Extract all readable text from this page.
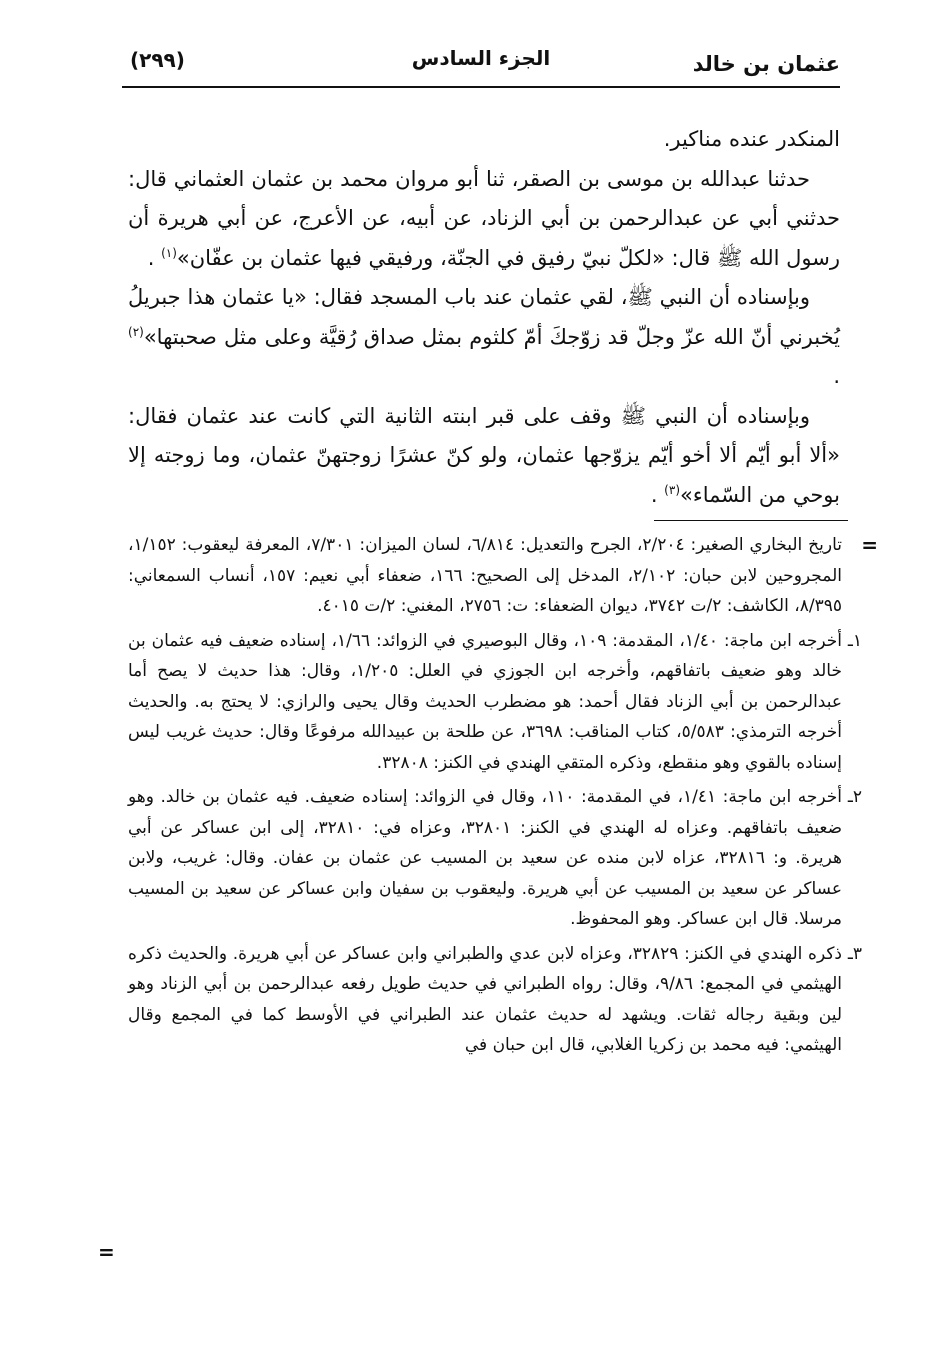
عثمان بن خالد
الجزء السادس
(٢٩٩)

المنكدر عنده مناكير.

حدثنا عبدالله بن موسى بن الصقر، ثنا أبو مروان محمد بن عثمان العثماني قال: حدثني أبي عن عبدالرحمن بن أبي الزناد، عن أبيه، عن الأعرج، عن أبي هريرة أن رسول الله ﷺ قال: «لكلّ نبيّ رفيق في الجنّة، ورفيقي فيها عثمان بن عفّان»$^{(١)}$ .

وبإسناده أن النبي ﷺ، لقي عثمان عند باب المسجد فقال: «يا عثمان هذا جبريلُ يُخبرني أنّ الله عزّ وجلّ قد زوّجكَ أمّ كلثوم بمثل صداق رُقيَّة وعلى مثل صحبتها»$^{(٢)}$ .

وبإسناده أن النبي ﷺ وقف على قبر ابنته الثانية التي كانت عند عثمان فقال: «ألا أبو أيّم ألا أخو أيّم يزوّجها عثمان، ولو كنّ عشرًا زوجتهنّ عثمان، وما زوجته إلا بوحي من السّماء»$^{(٣)}$ .

=
تاريخ البخاري الصغير: ٢/٢٠٤، الجرح والتعديل: ٦/٨١٤، لسان الميزان: ٧/٣٠١، المعرفة ليعقوب: ١/١٥٢، المجروحين لابن حبان: ٢/١٠٢، المدخل إلى الصحيح: ١٦٦، ضعفاء أبي نعيم: ١٥٧، أنساب السمعاني: ٨/٣٩٥، الكاشف: ٢/ت ٣٧٤٢، ديوان الضعفاء: ت: ٢٧٥٦، المغني: ٢/ت ٤٠١٥.
١ـ
أخرجه ابن ماجة: ١/٤٠، المقدمة: ١٠٩، وقال البوصيري في الزوائد: ١/٦٦، إسناده ضعيف فيه عثمان بن خالد وهو ضعيف باتفاقهم، وأخرجه ابن الجوزي في العلل: ١/٢٠٥، وقال: هذا حديث لا يصح أما عبدالرحمن بن أبي الزناد فقال أحمد: هو مضطرب الحديث وقال يحيى والرازي: لا يحتج به. والحديث أخرجه الترمذي: ٥/٥٨٣، كتاب المناقب: ٣٦٩٨، عن طلحة بن عبيدالله مرفوعًا وقال: حديث غريب ليس إسناده بالقوي وهو منقطع، وذكره المتقي الهندي في الكنز: ٣٢٨٠٨.
٢ـ
أخرجه ابن ماجة: ١/٤١، في المقدمة: ١١٠، وقال في الزوائد: إسناده ضعيف. فيه عثمان بن خالد. وهو ضعيف باتفاقهم. وعزاه له الهندي في الكنز: ٣٢٨٠١، وعزاه في: ٣٢٨١٠، إلى ابن عساكر عن أبي هريرة. و: ٣٢٨١٦، عزاه لابن منده عن سعيد بن المسيب عن عثمان بن عفان. وقال: غريب، ولابن عساكر عن سعيد بن المسيب عن أبي هريرة. وليعقوب بن سفيان وابن عساكر عن سعيد بن المسيب مرسلا. قال ابن عساكر. وهو المحفوظ.
٣ـ
ذكره الهندي في الكنز: ٣٢٨٢٩، وعزاه لابن عدي والطبراني وابن عساكر عن أبي هريرة. والحديث ذكره الهيثمي في المجمع: ٩/٨٦، وقال: رواه الطبراني في حديث طويل رفعه عبدالرحمن بن أبي الزناد وهو لين وبقية رجاله ثقات. ويشهد له حديث عثمان عند الطبراني في الأوسط كما في المجمع وقال الهيثمي: فيه محمد بن زكريا الغلابي، قال ابن حبان في
=
